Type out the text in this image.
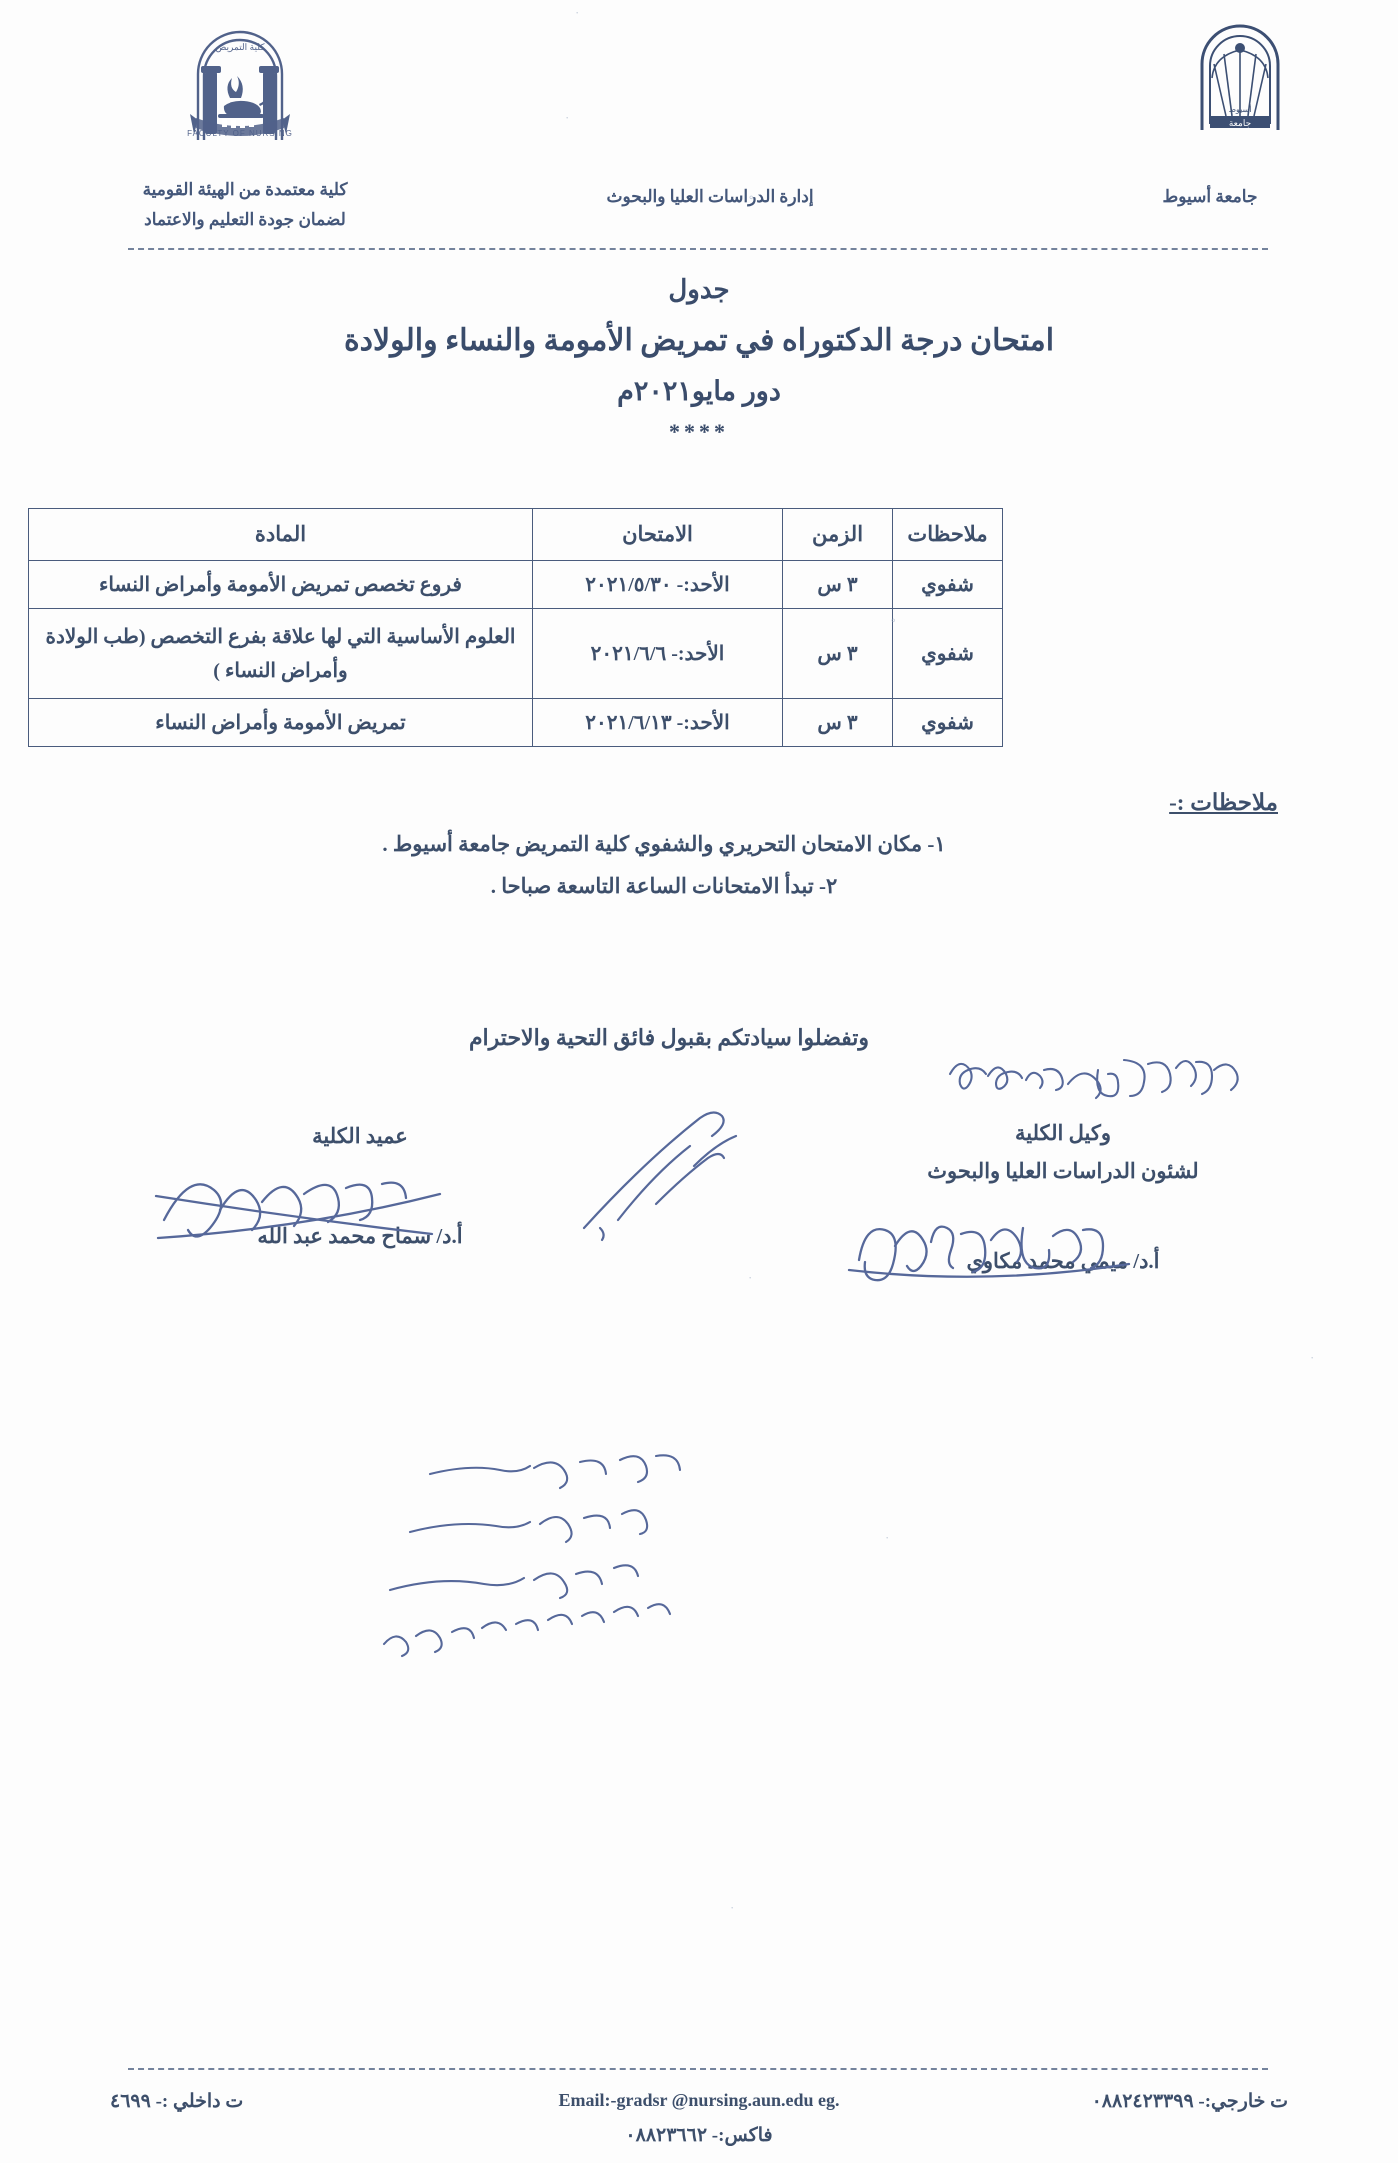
FACULTY OF NURSING
كلية التمريض
جامعة
أسيوط
كلية معتمدة من الهيئة القومية
لضمان جودة التعليم والاعتماد
إدارة الدراسات العليا والبحوث	جامعة أسيوط
جدول
امتحان درجة الدكتوراه في تمريض الأمومة والنساء والولادة
دور مايو٢٠٢١م
****
ملاحظات	الزمن	الامتحان	المادة
شفوي	٣ س	الأحد:- ٢٠٢١/٥/٣٠	فروع تخصص تمريض الأمومة وأمراض النساء
شفوي	٣ س	الأحد:- ٢٠٢١/٦/٦	العلوم الأساسية التي لها علاقة بفرع التخصص (طب الولادة وأمراض النساء )
شفوي	٣ س	الأحد:- ٢٠٢١/٦/١٣	تمريض الأمومة وأمراض النساء
ملاحظات :-
١- مكان الامتحان التحريري والشفوي كلية التمريض جامعة أسيوط .
٢- تبدأ الامتحانات الساعة التاسعة صباحا .
وتفضلوا سيادتكم بقبول فائق التحية والاحترام
وكيل الكلية
لشئون الدراسات العليا والبحوث
أ.د/ ميمي محمد مكاوي
عميد الكلية
أ.د/ سماح محمد عبد الله
·
·
·
·
·
·
ت خارجي:- ٠٨٨٢٤٢٣٣٩٩
Email:-gradsr @nursing.aun.edu eg.
فاكس:- ٠٨٨٢٣٦٦٢
ت داخلي :- ٤٦٩٩
